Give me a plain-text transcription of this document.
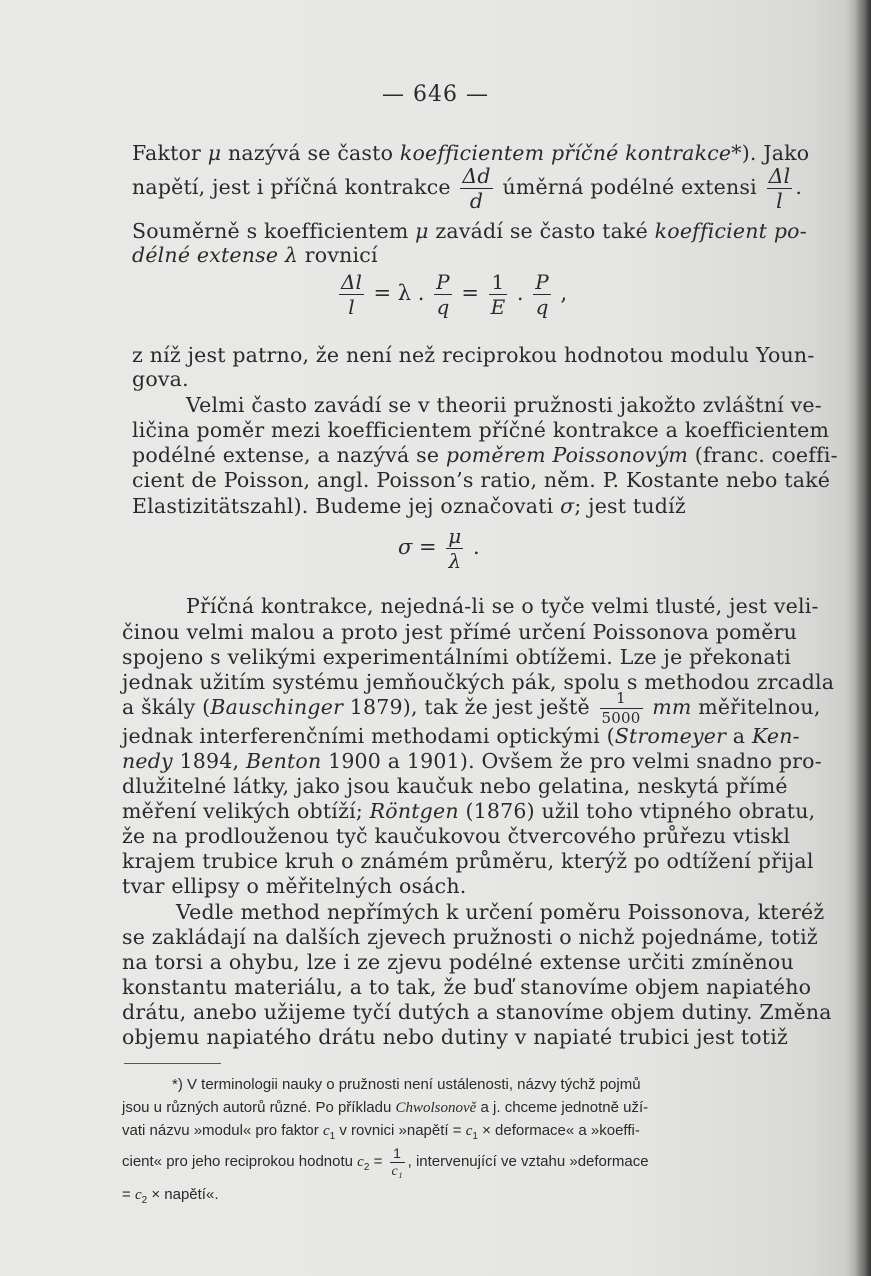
— 646 —
Faktor μ nazývá se často koefficientem příčné kontrakce*). Jako
napětí, jest i příčná kontrakce $\frac{\Delta d}{d}$ úměrná podélné extensi $\frac{\Delta l}{l}$ .
Souměrně s koefficientem μ zavádí se často také koefficient po-
délné extense λ rovnicí
$\frac{\Delta l}{l} = \lambda$ . $\frac{P}{q} = \frac{1}{E}$ . $\frac{P}{q}$ ,
z níž jest patrno, že není než reciprokou hodnotou modulu Youn-
gova.
Velmi často zavádí se v theorii pružnosti jakožto zvláštní ve-
ličina poměr mezi koefficientem příčné kontrakce a koefficientem
podélné extense, a nazývá se poměrem Poissonovým (franc. coeffi-
cient de Poisson, angl. Poisson’s ratio, něm. P. Kostante nebo také
Elastizitätszahl). Budeme jej označovati σ; jest tudíž
$\sigma = \frac{\mu}{\lambda}$ .
Příčná kontrakce, nejedná-li se o tyče velmi tlusté, jest veli-
činou velmi malou a proto jest přímé určení Poissonova poměru
spojeno s velikými experimentálními obtížemi. Lze je překonati
jednak užitím systému jemňoučkých pák, spolu s methodou zrcadla
a škály (Bauschinger 1879), tak že jest ještě $\frac{1}{5000}$ mm měřitelnou,
jednak interferenčními methodami optickými (Stromeyer a Ken-
nedy 1894, Benton 1900 a 1901). Ovšem že pro velmi snadno pro-
dlužitelné látky, jako jsou kaučuk nebo gelatina, neskytá přímé
měření velikých obtíží; Röntgen (1876) užil toho vtipného obratu,
že na prodlouženou tyč kaučukovou čtvercového průřezu vtiskl
krajem trubice kruh o známém průměru, kterýž po odtížení přijal
tvar ellipsy o měřitelných osách.
Vedle method nepřímých k určení poměru Poissonova, kteréž
se zakládají na dalších zjevech pružnosti o nichž pojednáme, totiž
na torsi a ohybu, lze i ze zjevu podélné extense určiti zmíněnou
konstantu materiálu, a to tak, že buď stanovíme objem napiatého
drátu, anebo užijeme tyčí dutých a stanovíme objem dutiny. Změna
objemu napiatého drátu nebo dutiny v napiaté trubici jest totiž
*) V terminologii nauky o pružnosti není ustálenosti, názvy týchž pojmů
jsou u různých autorů různé. Po příkladu Chwolsonově a j. chceme jednotně uží-
vati názvu »modul« pro faktor $c_1$ v rovnici »napětí = $c_1$ × deformace« a »koeffi-
cient« pro jeho reciprokou hodnotu $c_2 = \frac{1}{\text{c₁}}$ , intervenující ve vztahu »deformace
= $c_2$ × napětí«.
